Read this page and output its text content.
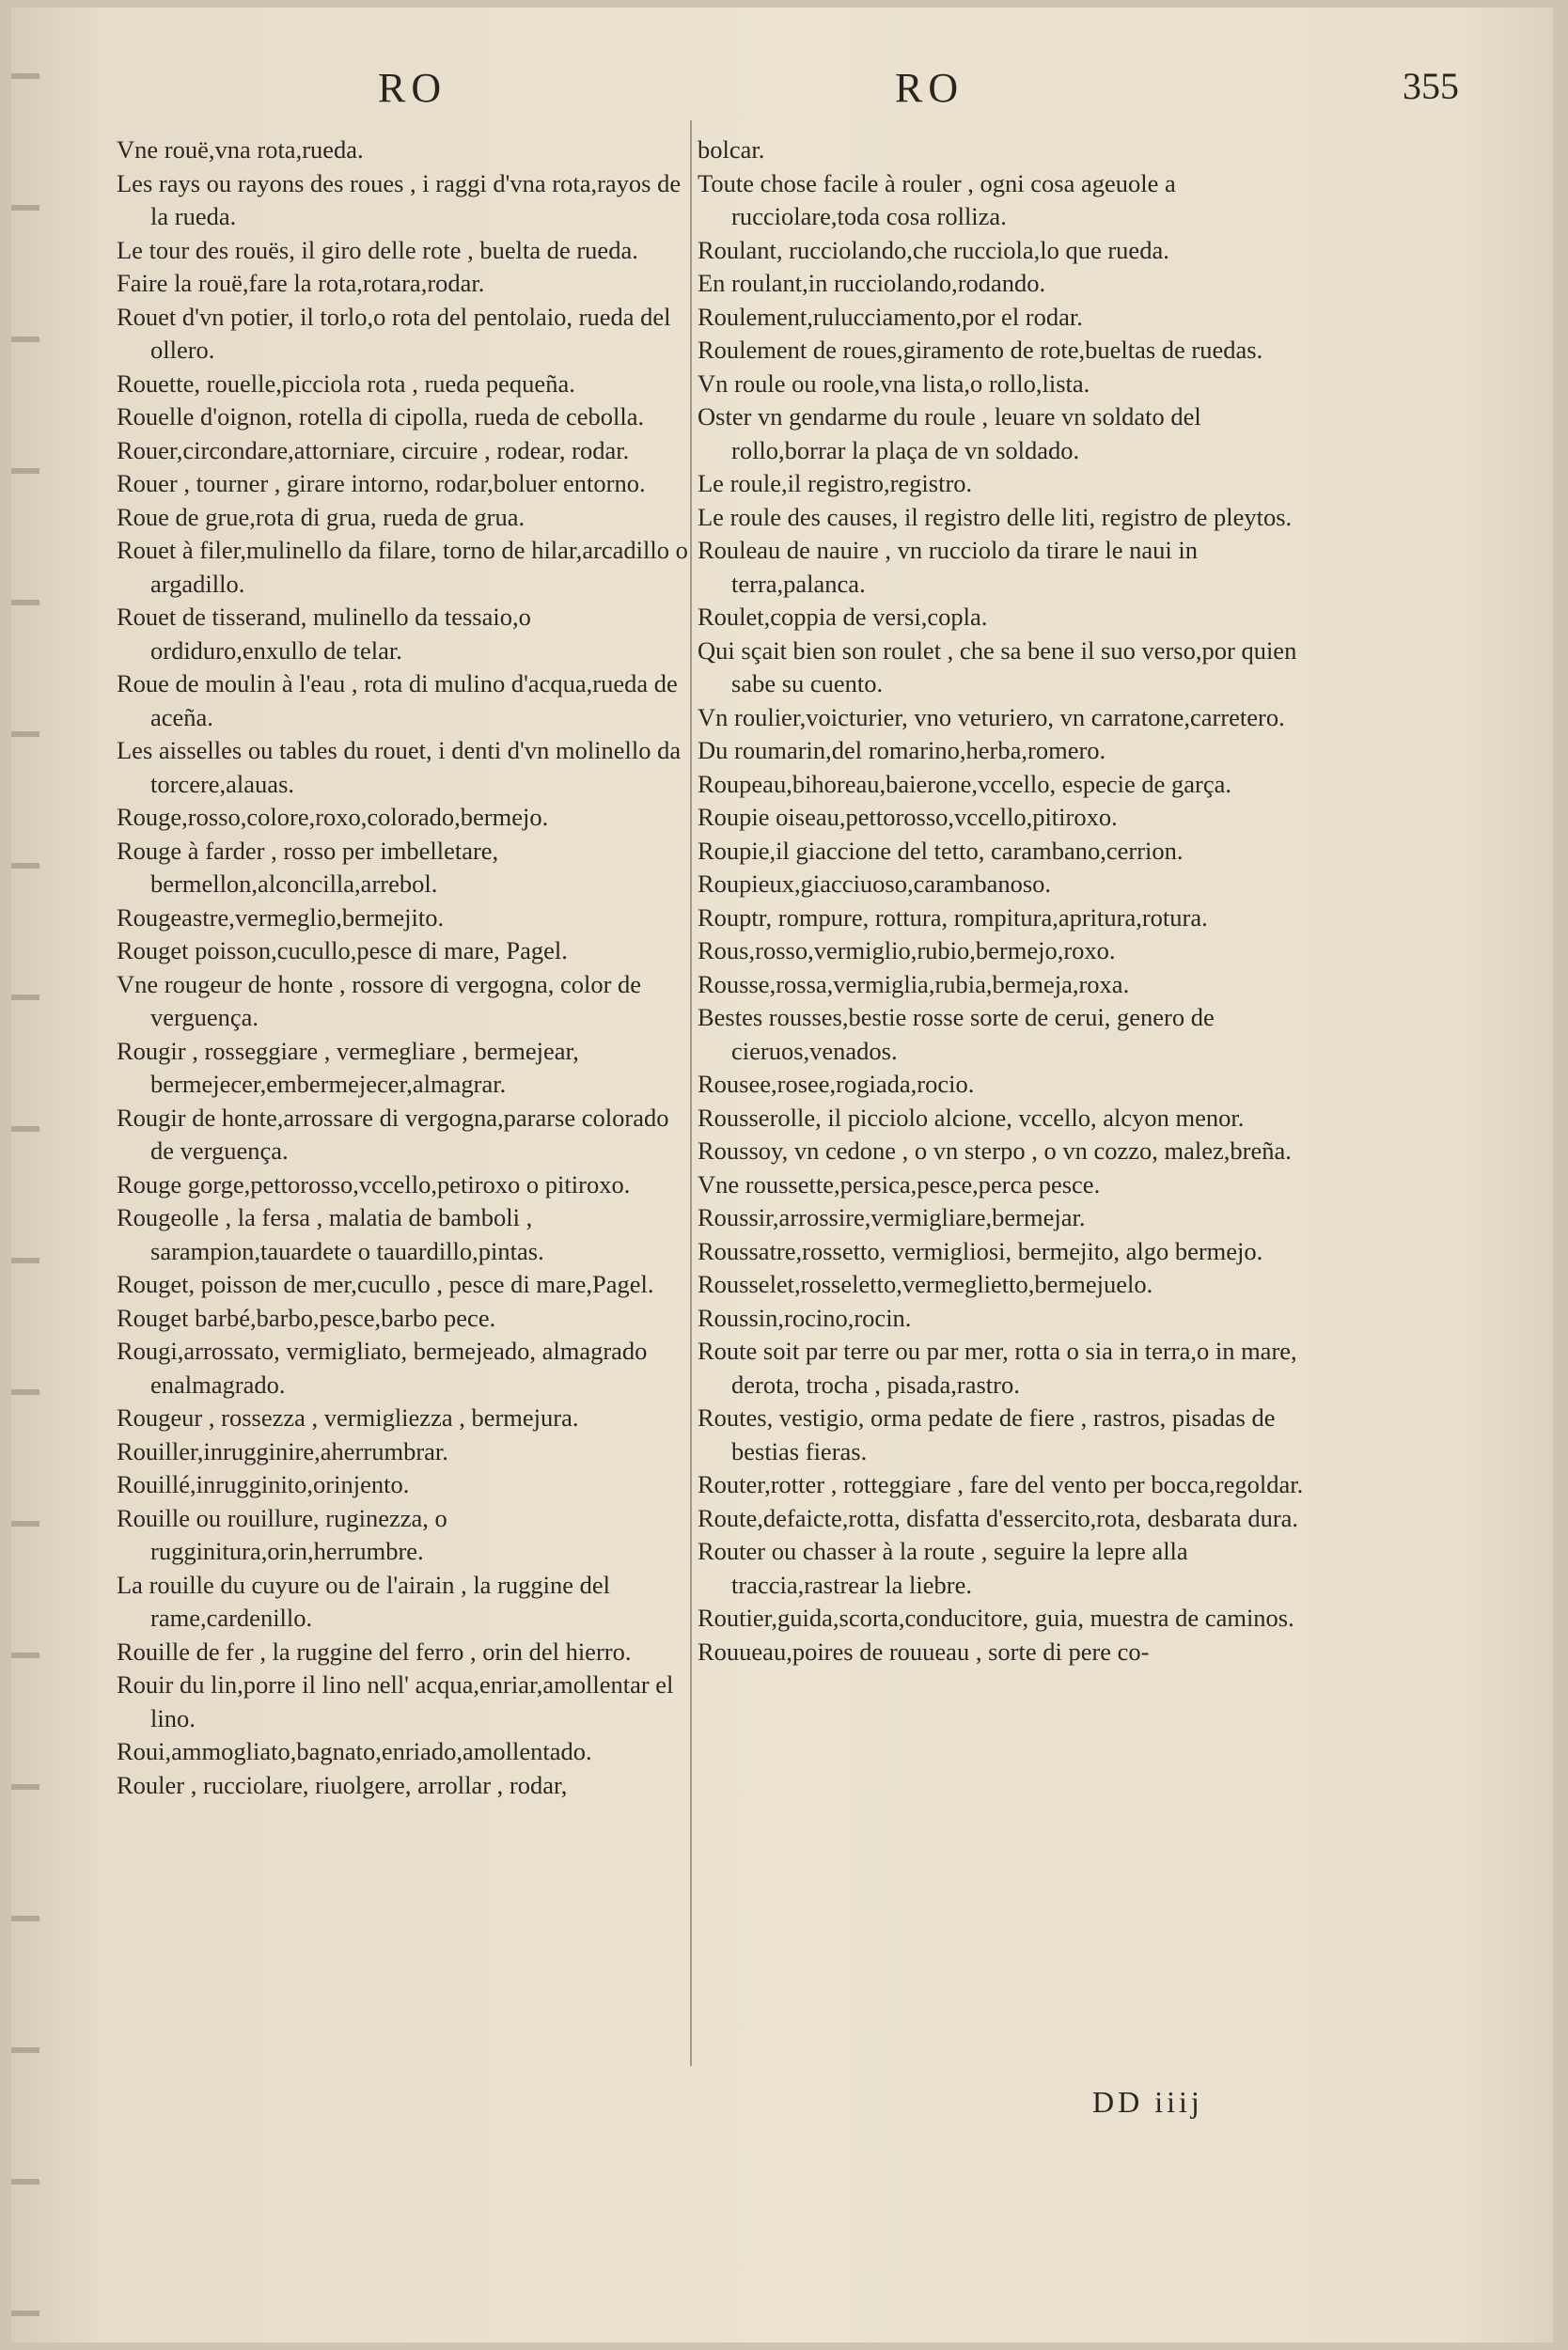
RO	RO	355

Vne rouë,vna rota,rueda.

Les rays ou rayons des roues , i raggi d'vna rota,rayos de la rueda.

Le tour des rouës, il giro delle rote , buelta de rueda.

Faire la rouë,fare la rota,rotara,rodar.

Rouet d'vn potier, il torlo,o rota del pentolaio, rueda del ollero.

Rouette, rouelle,picciola rota , rueda pequeña.

Rouelle d'oignon, rotella di cipolla, rueda de cebolla.

Rouer,circondare,attorniare, circuire , rodear, rodar.

Rouer , tourner , girare intorno, rodar,boluer entorno.

Roue de grue,rota di grua, rueda de grua.

Rouet à filer,mulinello da filare, torno de hilar,arcadillo o argadillo.

Rouet de tisserand, mulinello da tessaio,o ordiduro,enxullo de telar.

Roue de moulin à l'eau , rota di mulino d'acqua,rueda de aceña.

Les aisselles ou tables du rouet, i denti d'vn molinello da torcere,alauas.

Rouge,rosso,colore,roxo,colorado,bermejo.

Rouge à farder , rosso per imbelletare, bermellon,alconcilla,arrebol.

Rougeastre,vermeglio,bermejito.

Rouget poisson,cucullo,pesce di mare, Pagel.

Vne rougeur de honte , rossore di vergogna, color de verguença.

Rougir , rosseggiare , vermegliare , bermejear, bermejecer,embermejecer,almagrar.

Rougir de honte,arrossare di vergogna,pararse colorado de verguença.

Rouge gorge,pettorosso,vccello,petiroxo o pitiroxo.

Rougeolle , la fersa , malatia de bamboli , sarampion,tauardete o tauardillo,pintas.

Rouget, poisson de mer,cucullo , pesce di mare,Pagel.

Rouget barbé,barbo,pesce,barbo pece.

Rougi,arrossato, vermigliato, bermejeado, almagrado enalmagrado.

Rougeur , rossezza , vermigliezza , bermejura.

Rouiller,inrugginire,aherrumbrar.

Rouillé,inrugginito,orinjento.

Rouille ou rouillure, ruginezza, o rugginitura,orin,herrumbre.

La rouille du cuyure ou de l'airain , la ruggine del rame,cardenillo.

Rouille de fer , la ruggine del ferro , orin del hierro.

Rouir du lin,porre il lino nell' acqua,enriar,amollentar el lino.

Roui,ammogliato,bagnato,enriado,amollentado.

Rouler , rucciolare, riuolgere, arrollar , rodar,

bolcar.

Toute chose facile à rouler , ogni cosa ageuole a rucciolare,toda cosa rolliza.

Roulant, rucciolando,che rucciola,lo que rueda.

En roulant,in rucciolando,rodando.

Roulement,rulucciamento,por el rodar.

Roulement de roues,giramento de rote,bueltas de ruedas.

Vn roule ou roole,vna lista,o rollo,lista.

Oster vn gendarme du roule , leuare vn soldato del rollo,borrar la plaça de vn soldado.

Le roule,il registro,registro.

Le roule des causes, il registro delle liti, registro de pleytos.

Rouleau de nauire , vn rucciolo da tirare le naui in terra,palanca.

Roulet,coppia de versi,copla.

Qui sçait bien son roulet , che sa bene il suo verso,por quien sabe su cuento.

Vn roulier,voicturier, vno veturiero, vn carratone,carretero.

Du roumarin,del romarino,herba,romero.

Roupeau,bihoreau,baierone,vccello, especie de garça.

Roupie oiseau,pettorosso,vccello,pitiroxo.

Roupie,il giaccione del tetto, carambano,cerrion.

Roupieux,giacciuoso,carambanoso.

Rouptr, rompure, rottura, rompitura,apritura,rotura.

Rous,rosso,vermiglio,rubio,bermejo,roxo.

Rousse,rossa,vermiglia,rubia,bermeja,roxa.

Bestes rousses,bestie rosse sorte de cerui, genero de cieruos,venados.

Rousee,rosee,rogiada,rocio.

Rousserolle, il picciolo alcione, vccello, alcyon menor.

Roussoy, vn cedone , o vn sterpo , o vn cozzo, malez,breña.

Vne roussette,persica,pesce,perca pesce.

Roussir,arrossire,vermigliare,bermejar.

Roussatre,rossetto, vermigliosi, bermejito, algo bermejo.

Rousselet,rosseletto,vermeglietto,bermejuelo.

Roussin,rocino,rocin.

Route soit par terre ou par mer, rotta o sia in terra,o in mare, derota, trocha , pisada,rastro.

Routes, vestigio, orma pedate de fiere , rastros, pisadas de bestias fieras.

Router,rotter , rotteggiare , fare del vento per bocca,regoldar.

Route,defaicte,rotta, disfatta d'essercito,rota, desbarata dura.

Router ou chasser à la route , seguire la lepre alla traccia,rastrear la liebre.

Routier,guida,scorta,conducitore, guia, muestra de caminos.

Rouueau,poires de rouueau , sorte di pere co-

DD iiij
